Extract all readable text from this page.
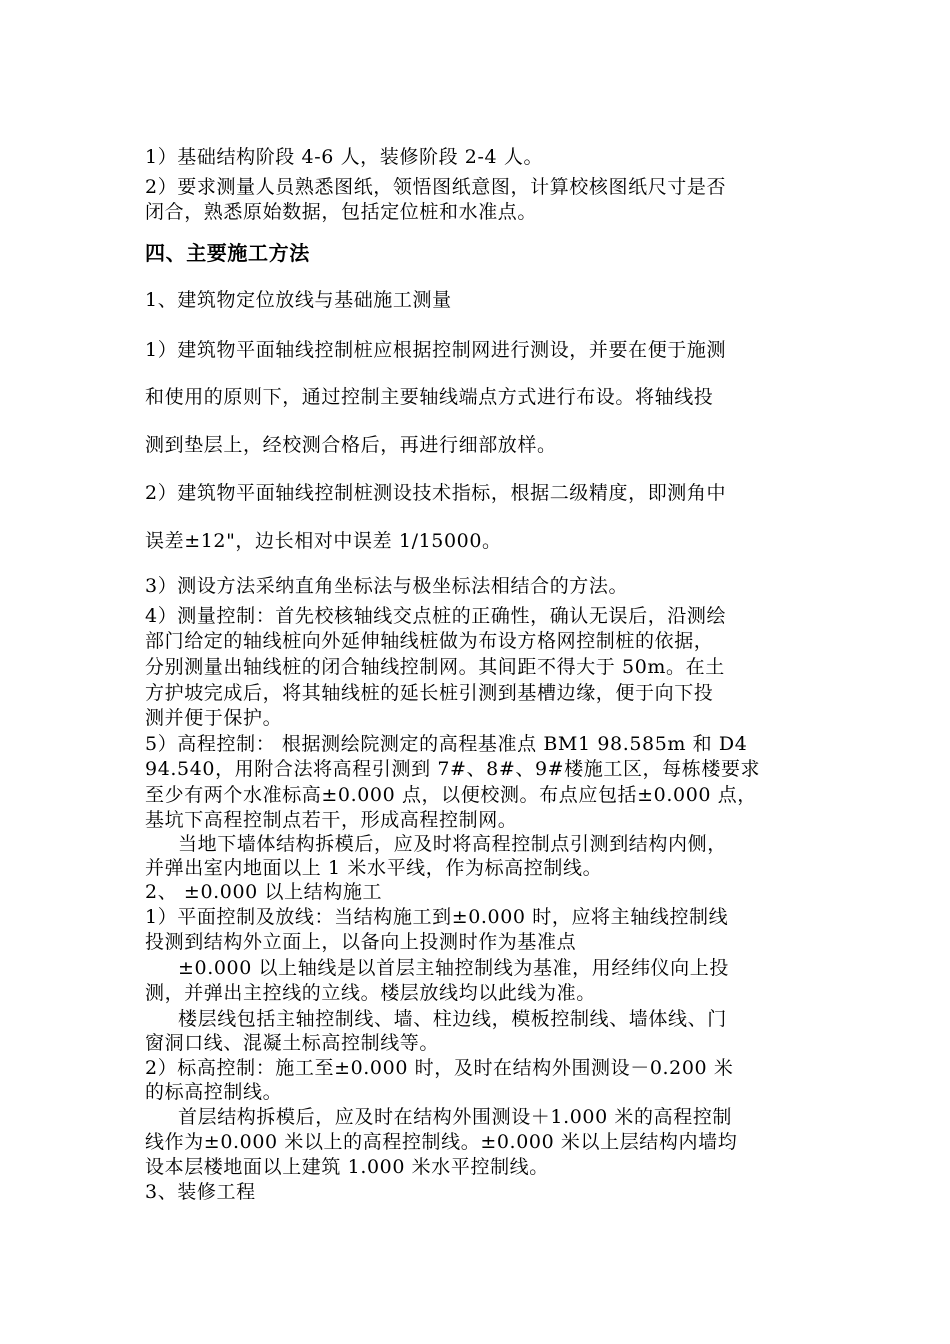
1）基础结构阶段 4-6 人，装修阶段 2-4 人。
2）要求测量人员熟悉图纸，领悟图纸意图，计算校核图纸尺寸是否
闭合，熟悉原始数据，包括定位桩和水准点。
四、主要施工方法
1、建筑物定位放线与基础施工测量
1）建筑物平面轴线控制桩应根据控制网进行测设，并要在便于施测
和使用的原则下，通过控制主要轴线端点方式进行布设。将轴线投
测到垫层上，经校测合格后，再进行细部放样。
2）建筑物平面轴线控制桩测设技术指标，根据二级精度，即测角中
误差±12"，边长相对中误差 1/15000。
3）测设方法采纳直角坐标法与极坐标法相结合的方法。
4）测量控制：首先校核轴线交点桩的正确性，确认无误后，沿测绘
部门给定的轴线桩向外延伸轴线桩做为布设方格网控制桩的依据，
分别测量出轴线桩的闭合轴线控制网。其间距不得大于 50m。在土
方护坡完成后，将其轴线桩的延长桩引测到基槽边缘，便于向下投
测并便于保护。
5）高程控制： 根据测绘院测定的高程基准点 BM1 98.585m 和 D4
94.540，用附合法将高程引测到 7#、8#、9#楼施工区，每栋楼要求
至少有两个水准标高±0.000 点，以便校测。布点应包括±0.000 点，
基坑下高程控制点若干，形成高程控制网。
当地下墙体结构拆模后，应及时将高程控制点引测到结构内侧，
并弹出室内地面以上 1 米水平线，作为标高控制线。
2、 ±0.000 以上结构施工
1）平面控制及放线：当结构施工到±0.000 时，应将主轴线控制线
投测到结构外立面上，以备向上投测时作为基准点
±0.000 以上轴线是以首层主轴控制线为基准，用经纬仪向上投
测，并弹出主控线的立线。楼层放线均以此线为准。
楼层线包括主轴控制线、墙、柱边线，模板控制线、墙体线、门
窗洞口线、混凝土标高控制线等。
2）标高控制：施工至±0.000 时，及时在结构外围测设－0.200 米
的标高控制线。
首层结构拆模后，应及时在结构外围测设＋1.000 米的高程控制
线作为±0.000 米以上的高程控制线。±0.000 米以上层结构内墙均
设本层楼地面以上建筑 1.000 米水平控制线。
3、装修工程
